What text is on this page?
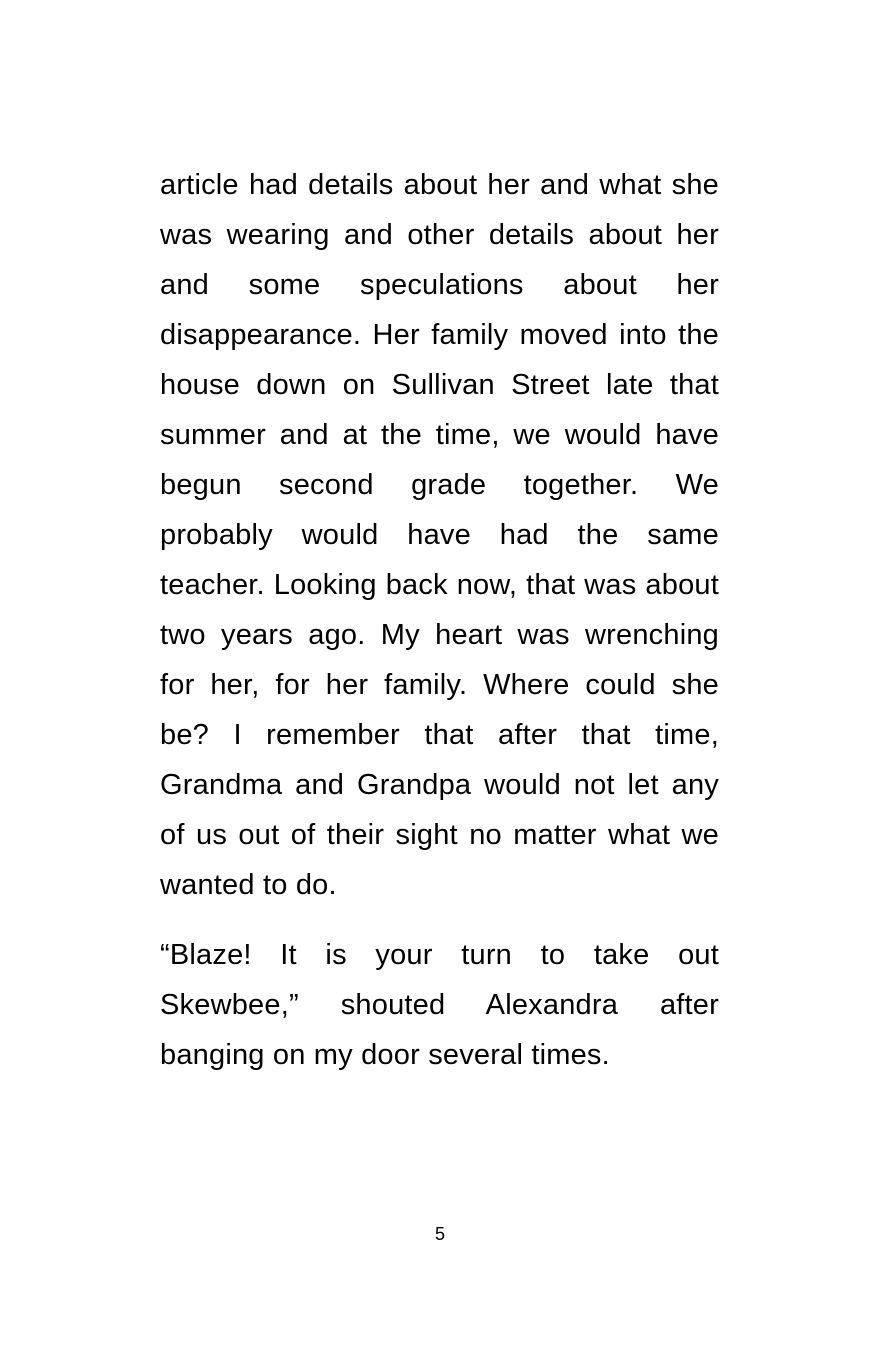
article had details about her and what she was wearing and other details about her and some speculations about her disappearance. Her family moved into the house down on Sullivan Street late that summer and at the time, we would have begun second grade together. We probably would have had the same teacher. Looking back now, that was about two years ago. My heart was wrenching for her, for her family. Where could she be? I remember that after that time, Grandma and Grandpa would not let any of us out of their sight no matter what we wanted to do.

“Blaze! It is your turn to take out Skewbee,” shouted Alexandra after banging on my door several times.

5
